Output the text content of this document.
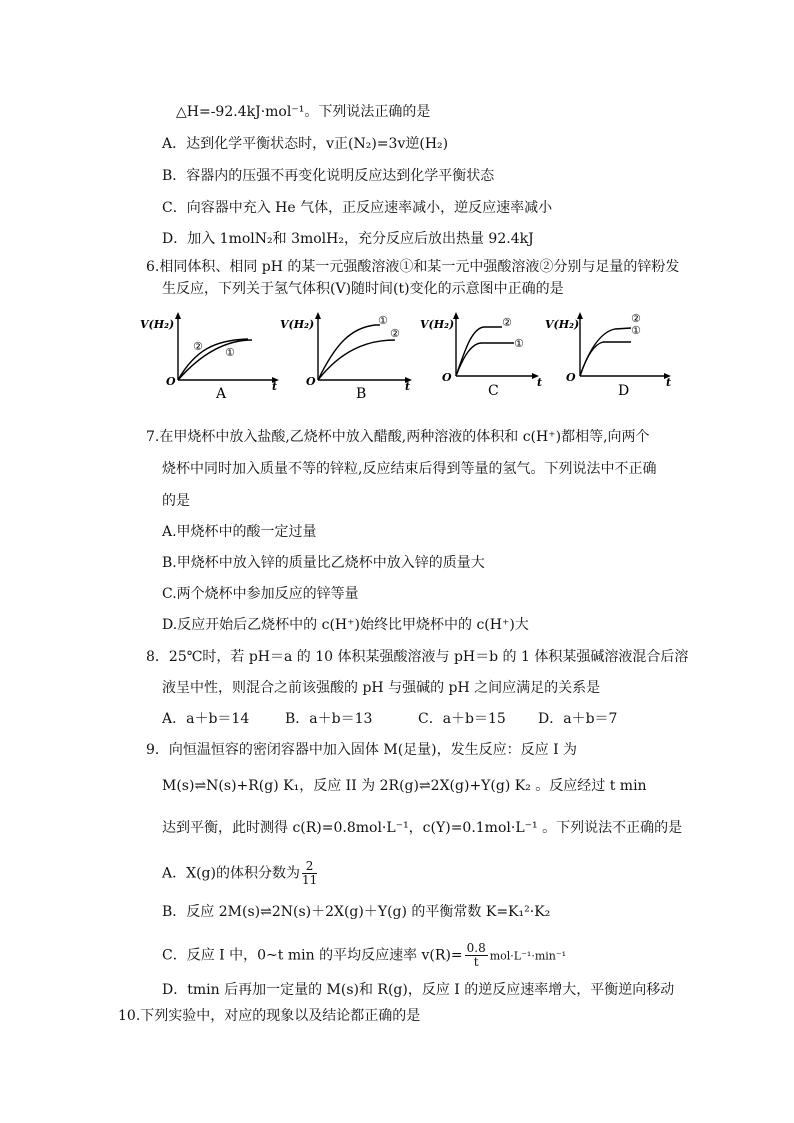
△H=-92.4kJ·mol⁻¹。下列说法正确的是
A．达到化学平衡状态时，v正(N₂)=3v逆(H₂)
B．容器内的压强不再变化说明反应达到化学平衡状态
C．向容器中充入 He 气体，正反应速率减小，逆反应速率减小
D．加入 1molN₂和 3molH₂，充分反应后放出热量 92.4kJ
6.相同体积、相同 pH 的某一元强酸溶液①和某一元中强酸溶液②分别与足量的锌粉发
生反应，下列关于氢气体积(V)随时间(t)变化的示意图中正确的是
V(H₂)
O	t
② ①
A
V(H₂)
O	t
①
②
B
V(H₂)
O	t
②
①
C
V(H₂)
O	t
②
①
D
7.在甲烧杯中放入盐酸,乙烧杯中放入醋酸,两种溶液的体积和 c(H⁺)都相等,向两个
烧杯中同时加入质量不等的锌粒,反应结束后得到等量的氢气。下列说法中不正确
的是
A.甲烧杯中的酸一定过量
B.甲烧杯中放入锌的质量比乙烧杯中放入锌的质量大
C.两个烧杯中参加反应的锌等量
D.反应开始后乙烧杯中的 c(H⁺)始终比甲烧杯中的 c(H⁺)大
8．25℃时，若 pH＝a 的 10 体积某强酸溶液与 pH＝b 的 1 体积某强碱溶液混合后溶
液呈中性，则混合之前该强酸的 pH 与强碱的 pH 之间应满足的关系是
A．a＋b＝14	B．a＋b＝13	C．a＋b＝15 D．a＋b＝7
9．向恒温恒容的密闭容器中加入固体 M(足量)，发生反应：反应 I 为
M(s)⇌N(s)+R(g) K₁，反应 II 为 2R(g)⇌2X(g)+Y(g) K₂ 。反应经过 t min
达到平衡，此时测得 c(R)=0.8mol·L⁻¹，c(Y)=0.1mol·L⁻¹ 。下列说法不正确的是
A．X(g)的体积分数为 $\frac{2}{11}$
B．反应 2M(s)⇌2N(s)＋2X(g)＋Y(g) 的平衡常数 K=K₁²·K₂
C．反应 I 中，0~t min 的平均反应速率 $v(R)= \frac{0.8}{t} mol\cdot L^{-1}\cdot\min^{-1}$
D．tmin 后再加一定量的 M(s)和 R(g)，反应 I 的逆反应速率增大，平衡逆向移动
10.下列实验中，对应的现象以及结论都正确的是
